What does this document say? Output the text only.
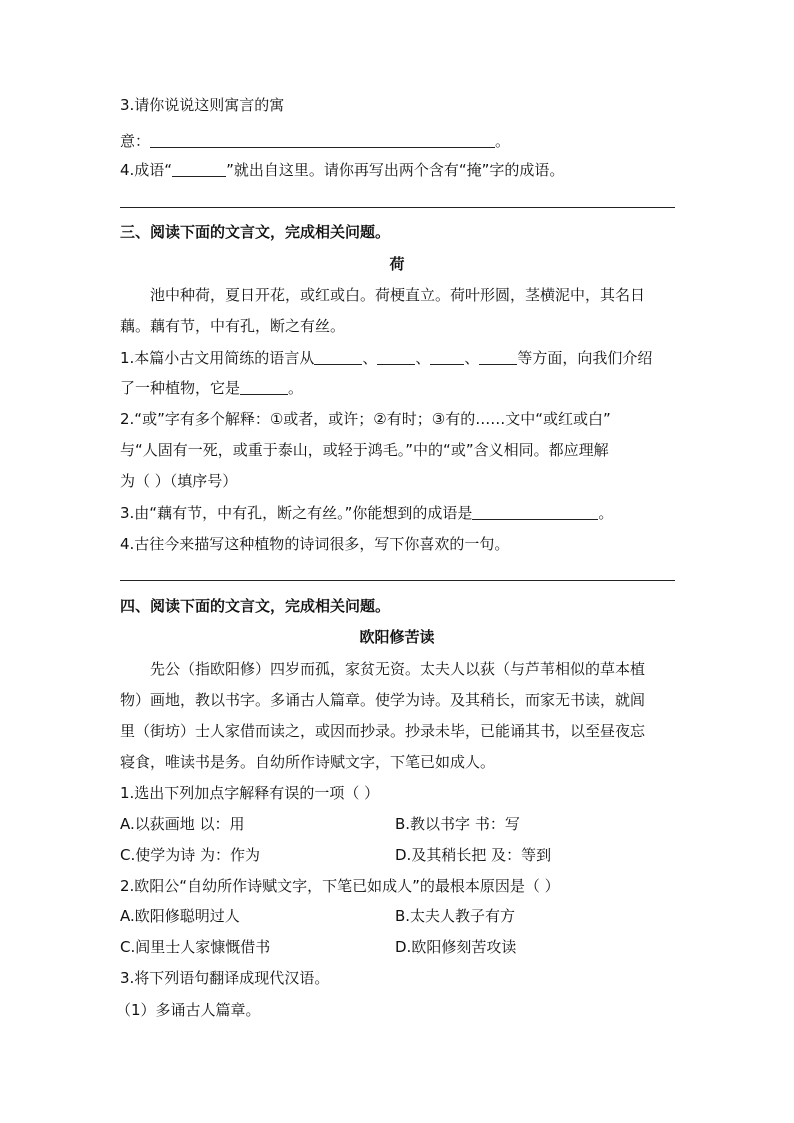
3.请你说说这则寓言的寓
意：	。
4.成语“	”就出自这里。请你再写出两个含有“掩”字的成语。
三、阅读下面的文言文，完成相关问题。
荷
池中种荷，夏日开花，或红或白。荷梗直立。荷叶形圆，茎横泥中，其名日
藕。藕有节，中有孔，断之有丝。
1.本篇小古文用简练的语言从	、	、 、	等方面，向我们介绍
了一种植物，它是	。
2.“或”字有多个解释：①或者，或许；②有时；③有的……文中“或红或白”
与“人固有一死，或重于泰山，或轻于鸿毛。”中的“或”含义相同。都应理解
为（ ）（填序号）
3.由“藕有节，中有孔，断之有丝。”你能想到的成语是	。
4.古往今来描写这种植物的诗词很多，写下你喜欢的一句。
四、阅读下面的文言文，完成相关问题。
欧阳修苦读
先公（指欧阳修）四岁而孤，家贫无资。太夫人以荻（与芦苇相似的草本植
物）画地，教以书字。多诵古人篇章。使学为诗。及其稍长，而家无书读，就闾
里（街坊）士人家借而读之，或因而抄录。抄录未毕，已能诵其书，以至昼夜忘
寝食，唯读书是务。自幼所作诗赋文字，下笔已如成人。
1.选出下列加点字解释有误的一项（ ）
A.以荻画地 以：用	B.教以书字 书：写
C.使学为诗 为：作为	D.及其稍长把 及：等到
2.欧阳公“自幼所作诗赋文字，下笔已如成人”的最根本原因是（ ）
A.欧阳修聪明过人	B.太夫人教子有方
C.闾里士人家慷慨借书	D.欧阳修刻苦攻读
3.将下列语句翻译成现代汉语。
（1）多诵古人篇章。
